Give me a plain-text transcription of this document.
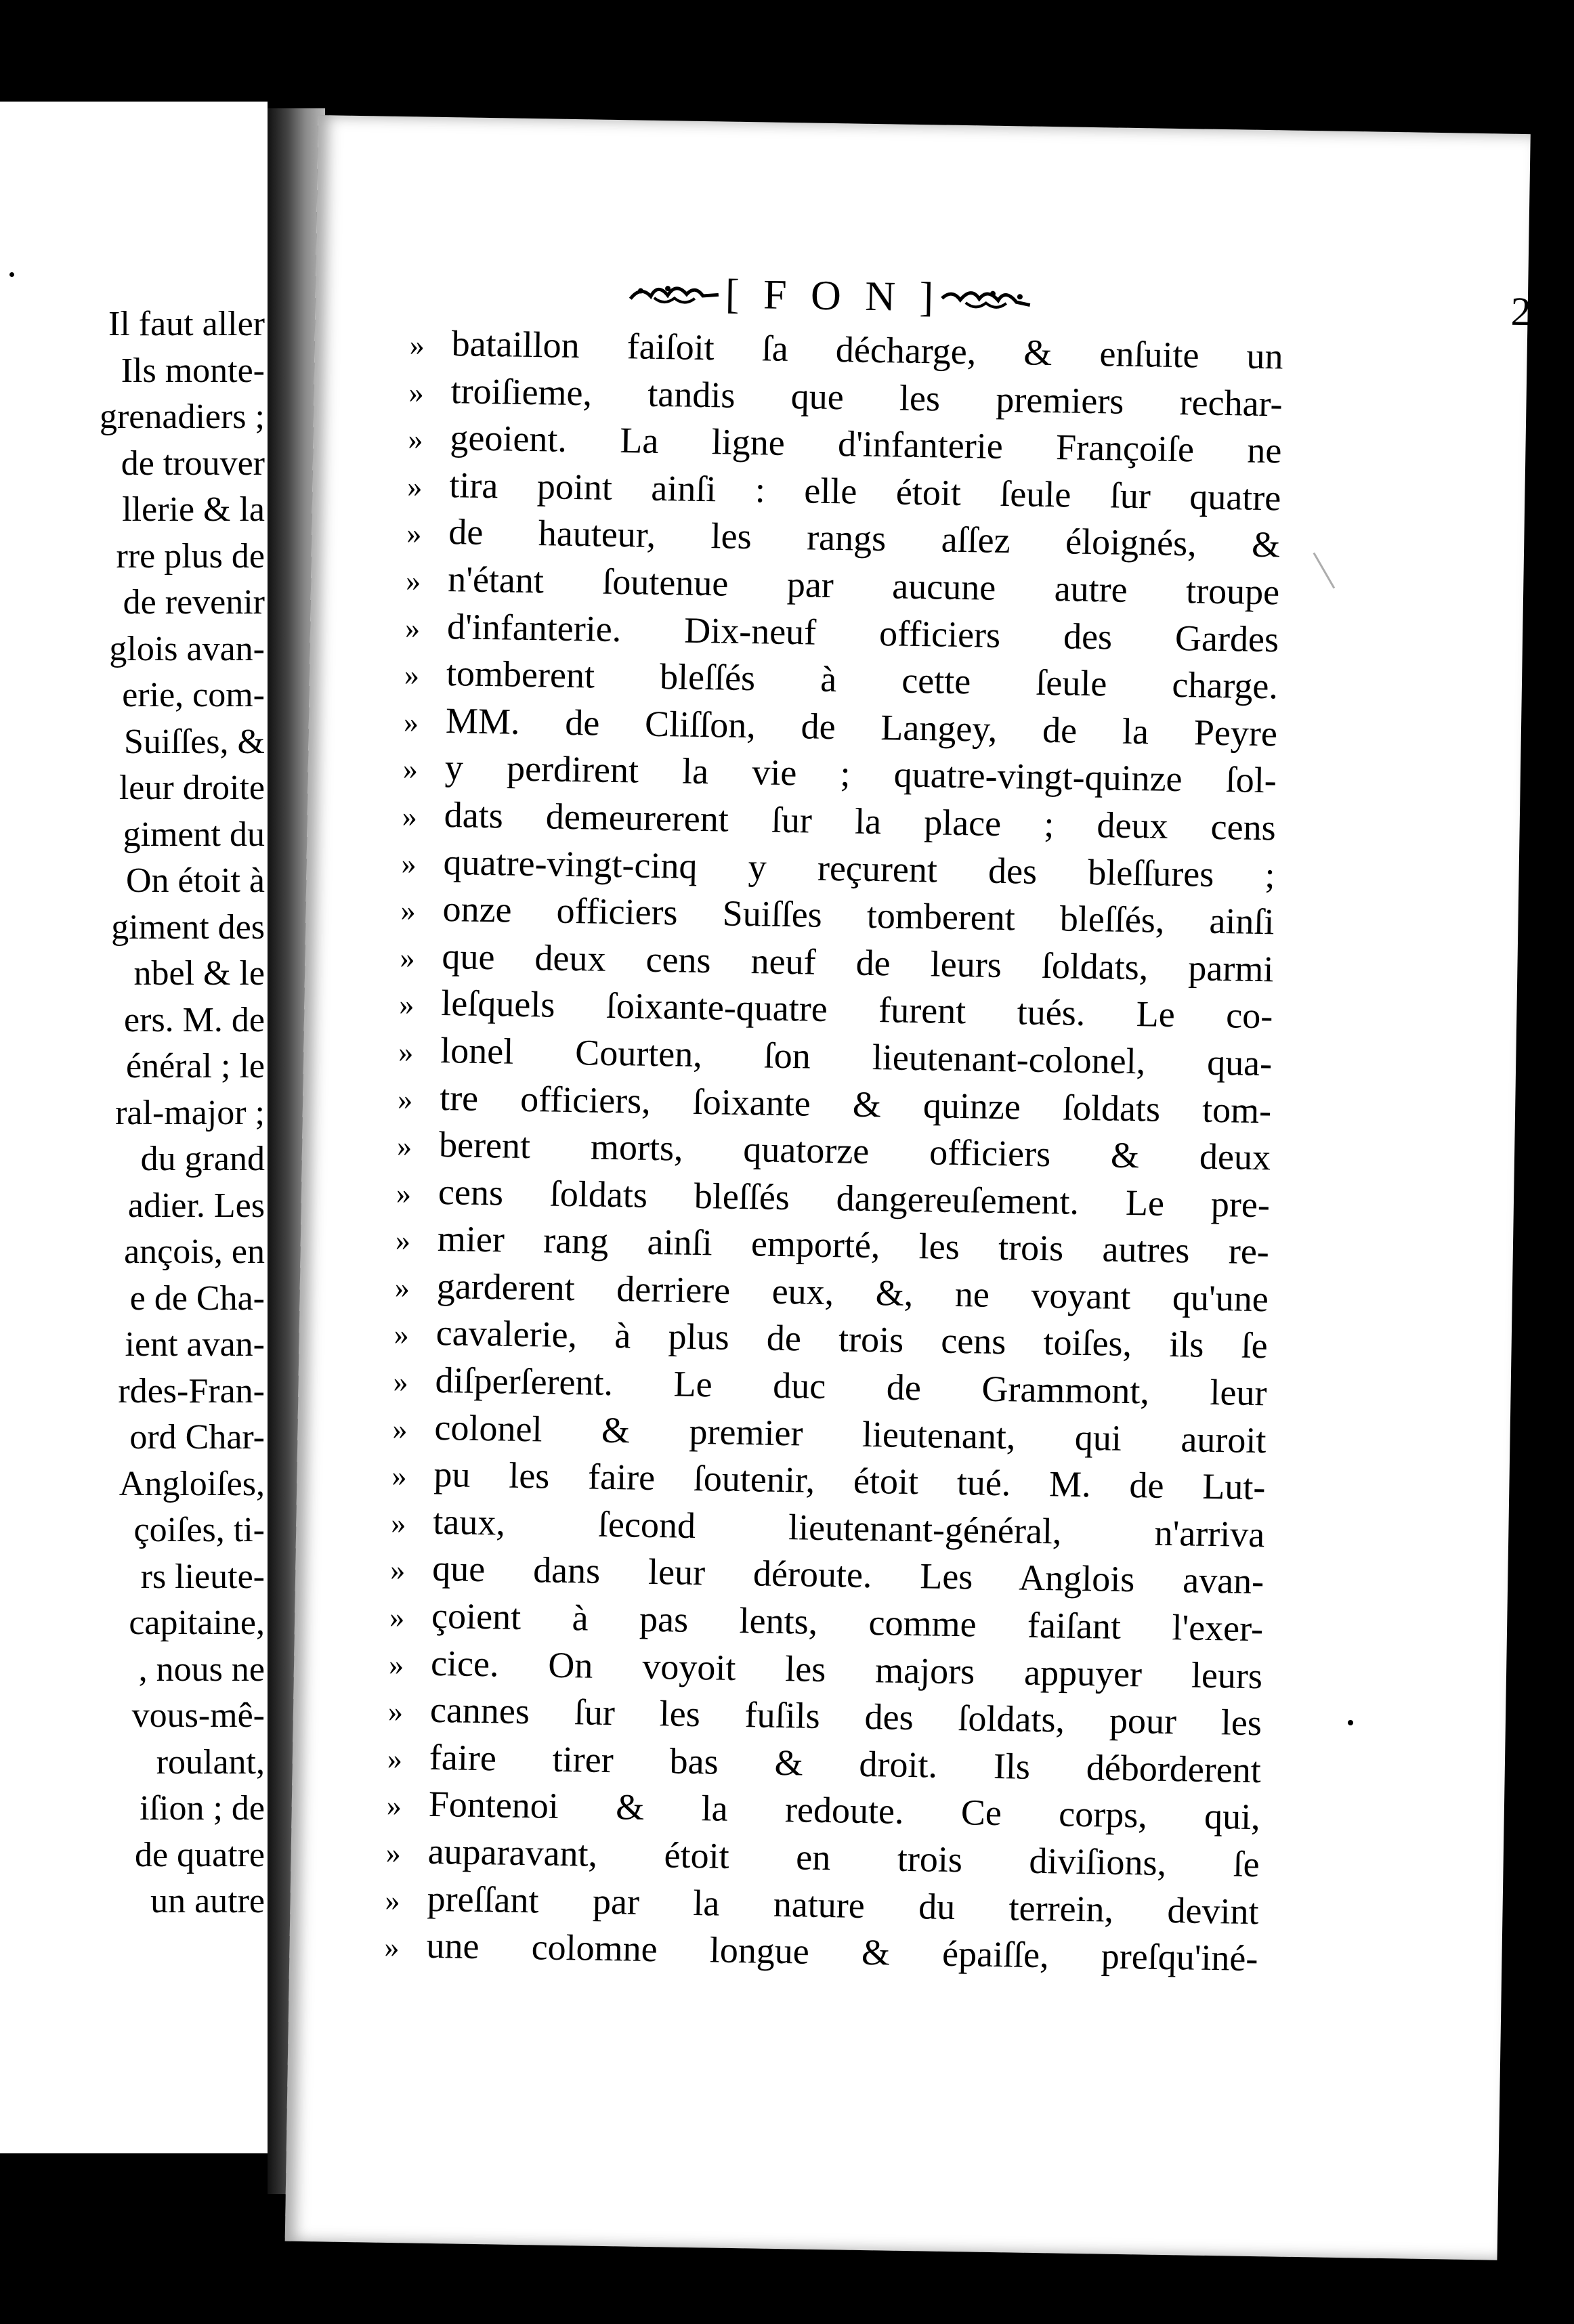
Il faut aller
Ils monte-
grenadiers ;
de trouver
llerie & la
rre plus de
de revenir
glois avan-
erie, com-
Suiſſes, &
leur droite
giment du
On étoit à
giment des
nbel & le
ers. M. de
énéral ; le
ral-major ;
du grand
adier. Les
ançois, en
e de Cha-
ient avan-
rdes-Fran-
ord Char-
Angloiſes,
çoiſes, ti-
rs lieute-
capitaine,
, nous ne
vous-mê-
roulant,
iſion ; de
de quatre
un autre
[ F O N ]	25
» bataillon faiſoit ſa décharge, & enſuite un
» troiſieme, tandis que les premiers rechar-
» geoient. La ligne d'infanterie Françoiſe ne
» tira point ainſi : elle étoit ſeule ſur quatre
» de hauteur, les rangs aſſez éloignés, &
» n'étant ſoutenue par aucune autre troupe
» d'infanterie. Dix-neuf officiers des Gardes
» tomberent bleſſés à cette ſeule charge.
» MM. de Cliſſon, de Langey, de la Peyre
» y perdirent la vie ; quatre-vingt-quinze ſol-
» dats demeurerent ſur la place ; deux cens
» quatre-vingt-cinq y reçurent des bleſſures ;
» onze officiers Suiſſes tomberent bleſſés, ainſi
» que deux cens neuf de leurs ſoldats, parmi
» leſquels ſoixante-quatre furent tués. Le co-
» lonel Courten, ſon lieutenant-colonel, qua-
» tre officiers, ſoixante & quinze ſoldats tom-
» berent morts, quatorze officiers & deux
» cens ſoldats bleſſés dangereuſement. Le pre-
» mier rang ainſi emporté, les trois autres re-
» garderent derriere eux, &, ne voyant qu'une
» cavalerie, à plus de trois cens toiſes, ils ſe
» diſperſerent. Le duc de Grammont, leur
» colonel & premier lieutenant, qui auroit
» pu les faire ſoutenir, étoit tué. M. de Lut-
» taux, ſecond lieutenant-général, n'arriva
» que dans leur déroute. Les Anglois avan-
» çoient à pas lents, comme faiſant l'exer-
» cice. On voyoit les majors appuyer leurs
» cannes ſur les fuſils des ſoldats, pour les
» faire tirer bas & droit. Ils déborderent
» Fontenoi & la redoute. Ce corps, qui,
» auparavant, étoit en trois diviſions, ſe
» preſſant par la nature du terrein, devint
» une colomne longue & épaiſſe, preſqu'iné-
